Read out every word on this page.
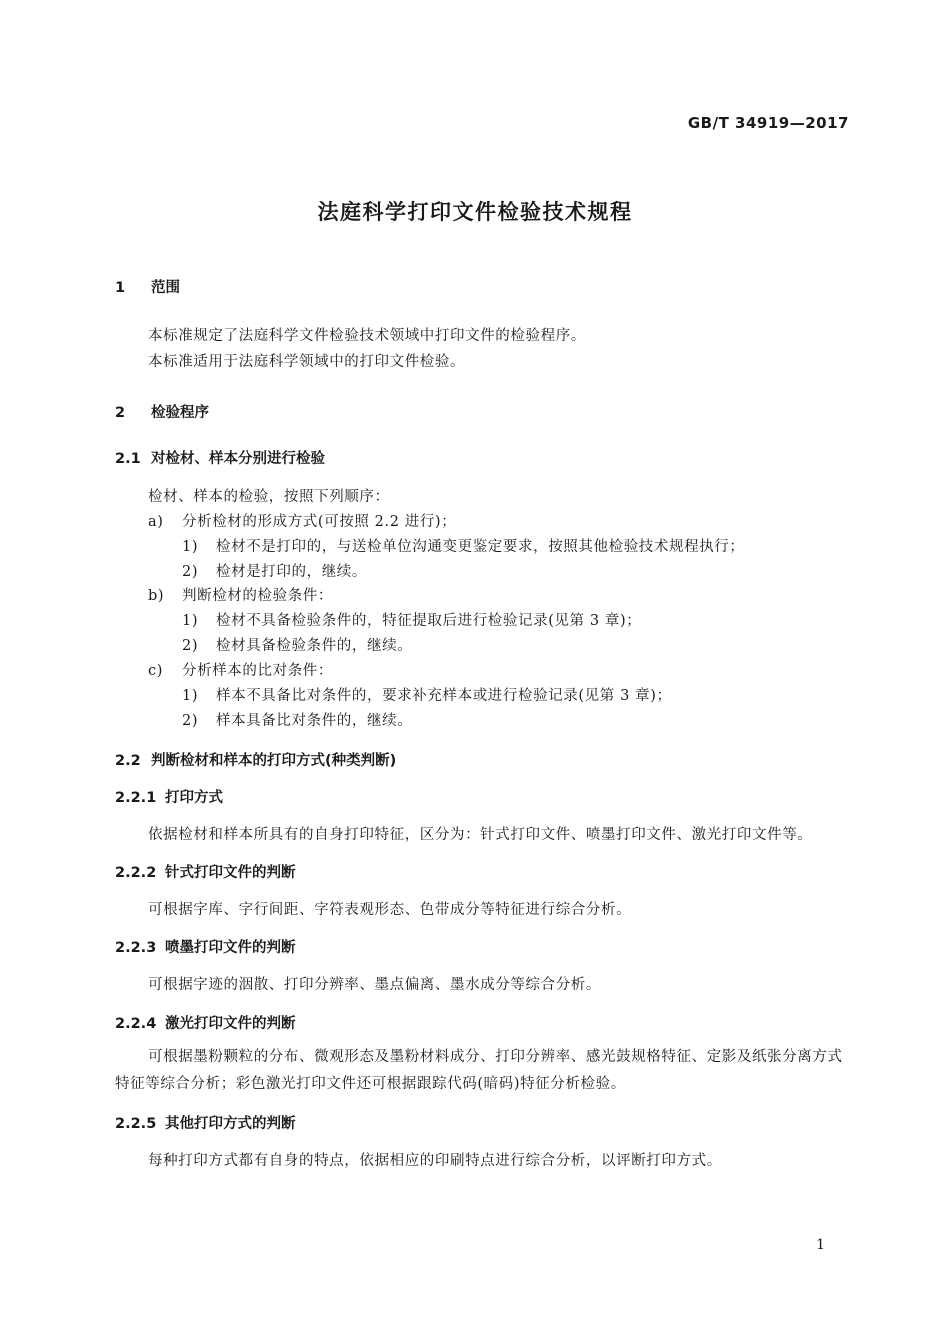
GB/T 34919—2017
法庭科学打印文件检验技术规程
1 范围
本标准规定了法庭科学文件检验技术领域中打印文件的检验程序。
本标准适用于法庭科学领域中的打印文件检验。
2 检验程序
2.1 对检材、样本分别进行检验
检材、样本的检验，按照下列顺序：
a) 分析检材的形成方式(可按照 2.2 进行)；
1) 检材不是打印的，与送检单位沟通变更鉴定要求，按照其他检验技术规程执行；
2) 检材是打印的，继续。
b) 判断检材的检验条件：
1) 检材不具备检验条件的，特征提取后进行检验记录(见第 3 章)；
2) 检材具备检验条件的，继续。
c) 分析样本的比对条件：
1) 样本不具备比对条件的，要求补充样本或进行检验记录(见第 3 章)；
2) 样本具备比对条件的，继续。
2.2 判断检材和样本的打印方式(种类判断)
2.2.1 打印方式
依据检材和样本所具有的自身打印特征，区分为：针式打印文件、喷墨打印文件、激光打印文件等。
2.2.2 针式打印文件的判断
可根据字库、字行间距、字符表观形态、色带成分等特征进行综合分析。
2.2.3 喷墨打印文件的判断
可根据字迹的洇散、打印分辨率、墨点偏离、墨水成分等综合分析。
2.2.4 激光打印文件的判断
可根据墨粉颗粒的分布、微观形态及墨粉材料成分、打印分辨率、感光鼓规格特征、定影及纸张分离方式特征等综合分析；彩色激光打印文件还可根据跟踪代码(暗码)特征分析检验。
2.2.5 其他打印方式的判断
每种打印方式都有自身的特点，依据相应的印刷特点进行综合分析，以评断打印方式。
1
